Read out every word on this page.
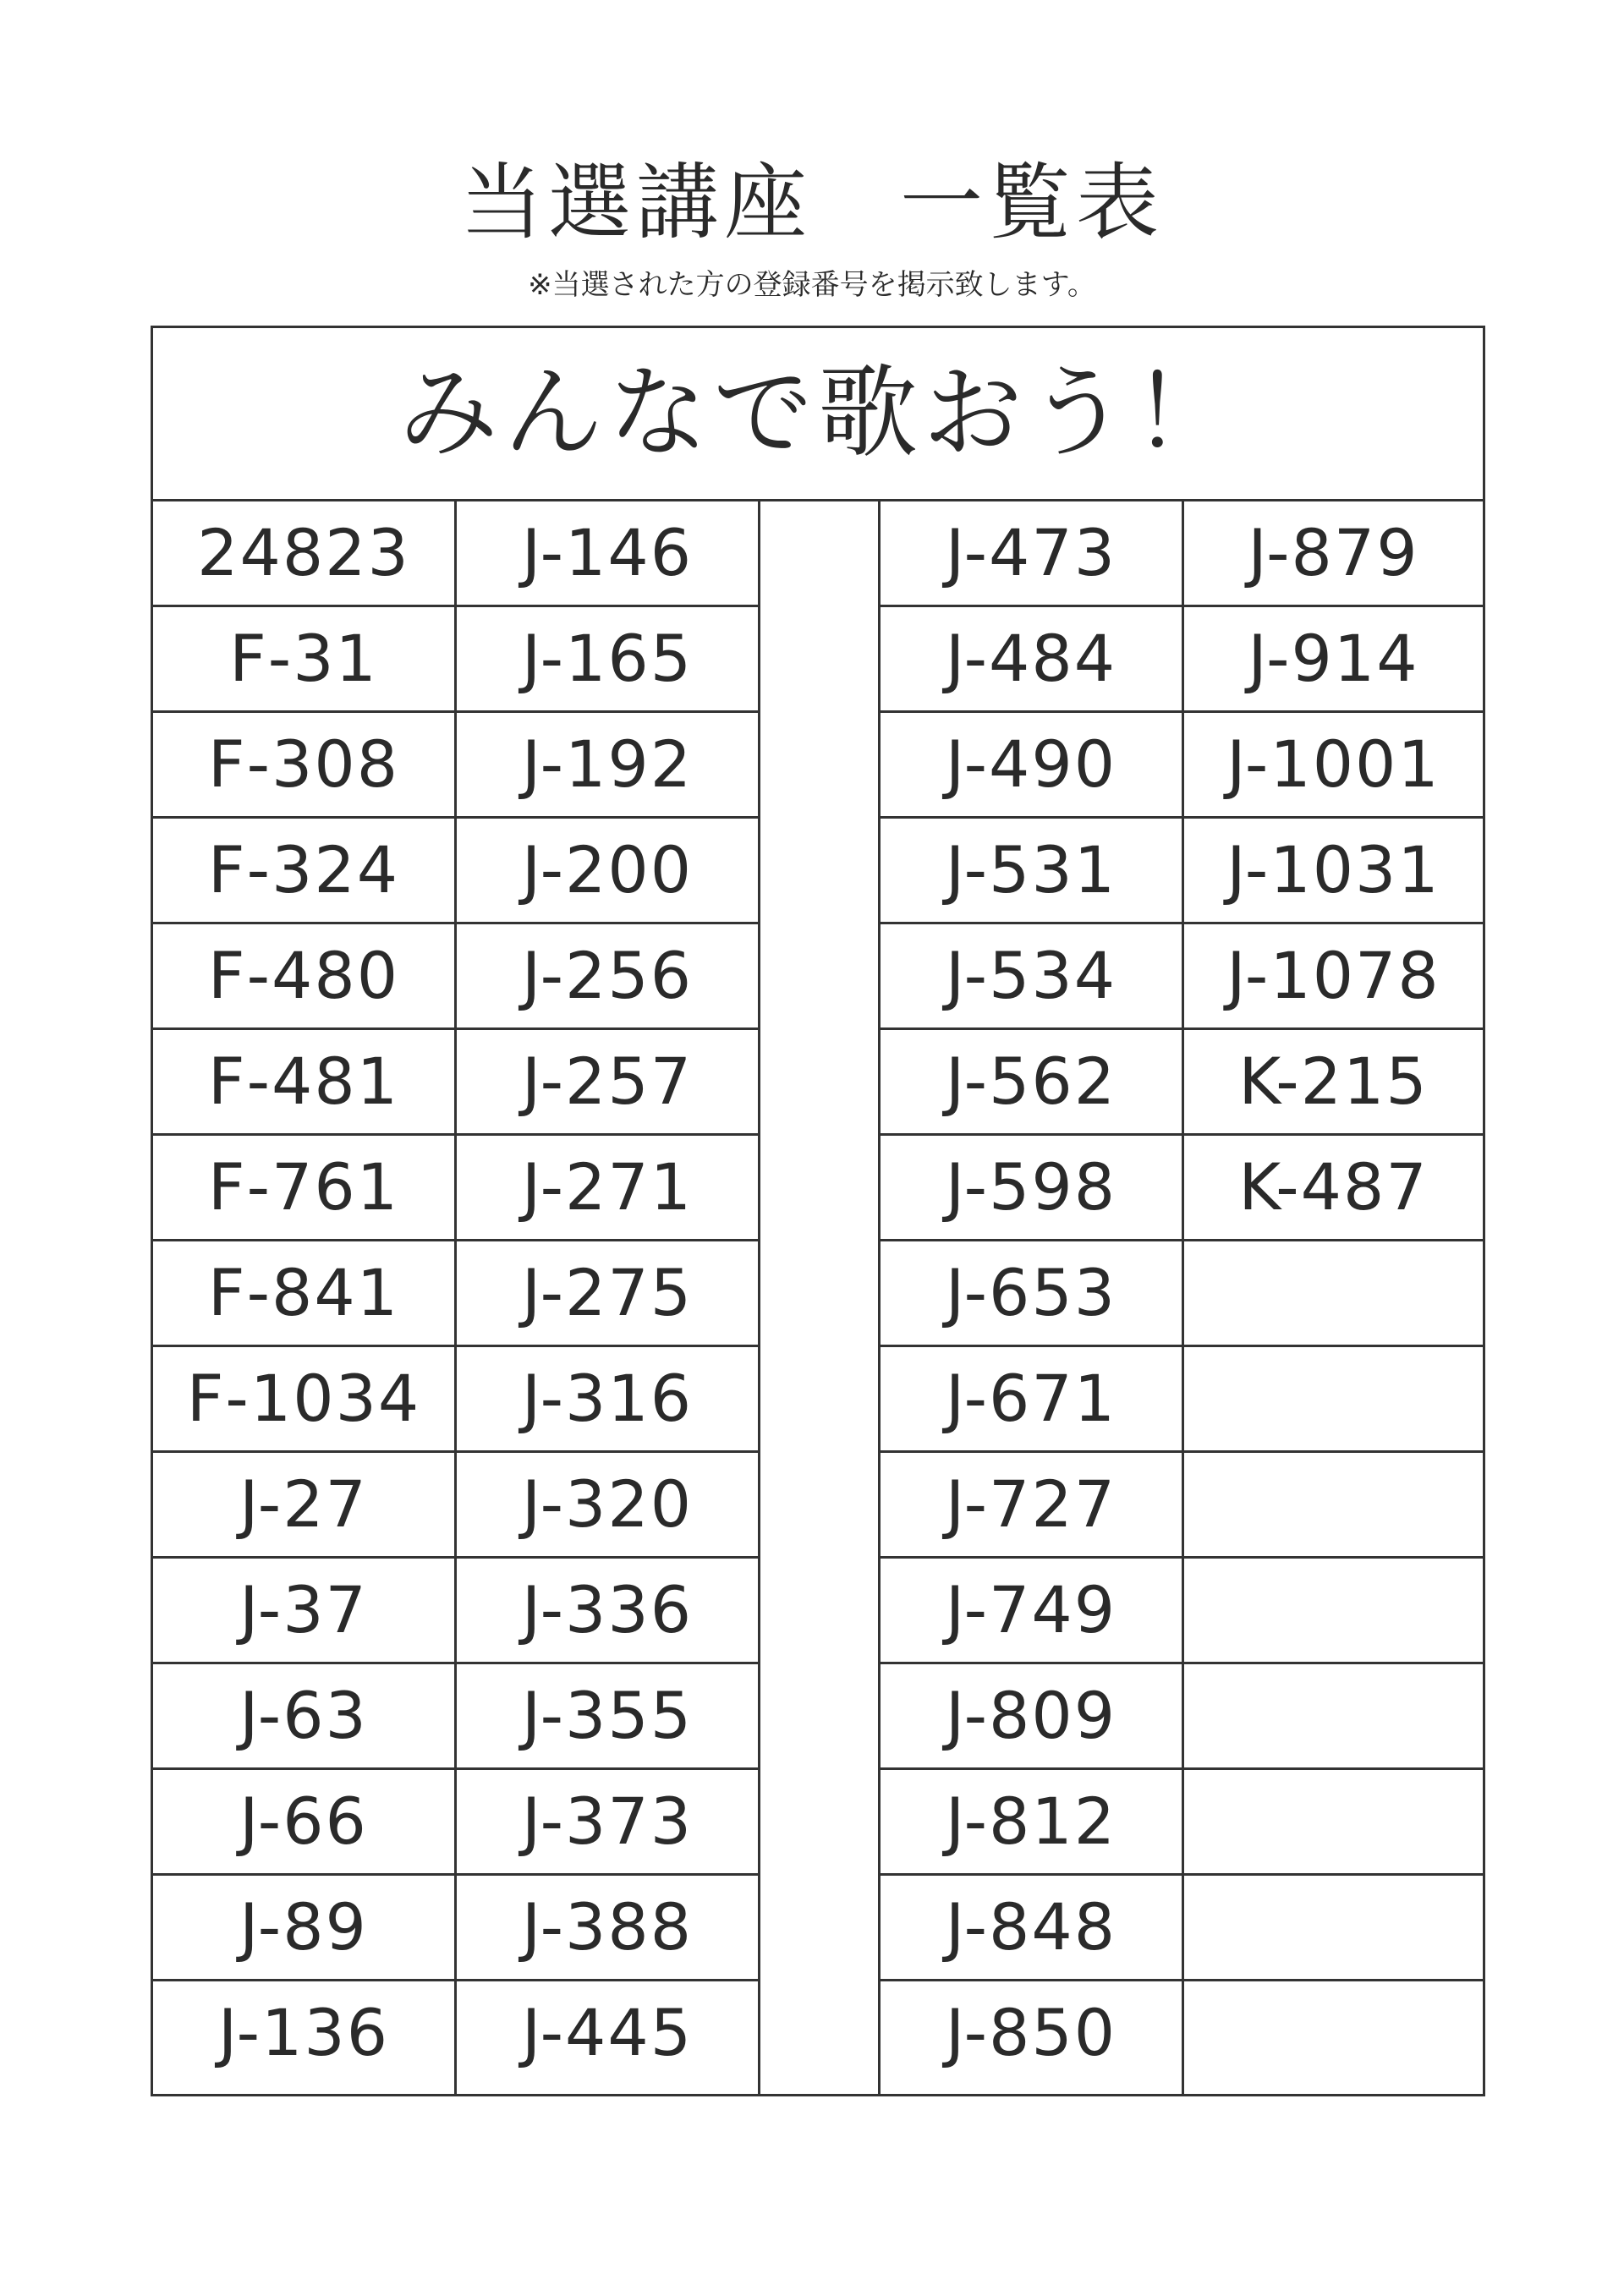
当選講座　一覧表
※当選された方の登録番号を掲示致します。
みんなで歌おう！
24823
F-31
F-308
F-324
F-480
F-481
F-761
F-841
F-1034
J-27
J-37
J-63
J-66
J-89
J-136
J-146
J-165
J-192
J-200
J-256
J-257
J-271
J-275
J-316
J-320
J-336
J-355
J-373
J-388
J-445
J-473
J-484
J-490
J-531
J-534
J-562
J-598
J-653
J-671
J-727
J-749
J-809
J-812
J-848
J-850
J-879
J-914
J-1001
J-1031
J-1078
K-215
K-487
